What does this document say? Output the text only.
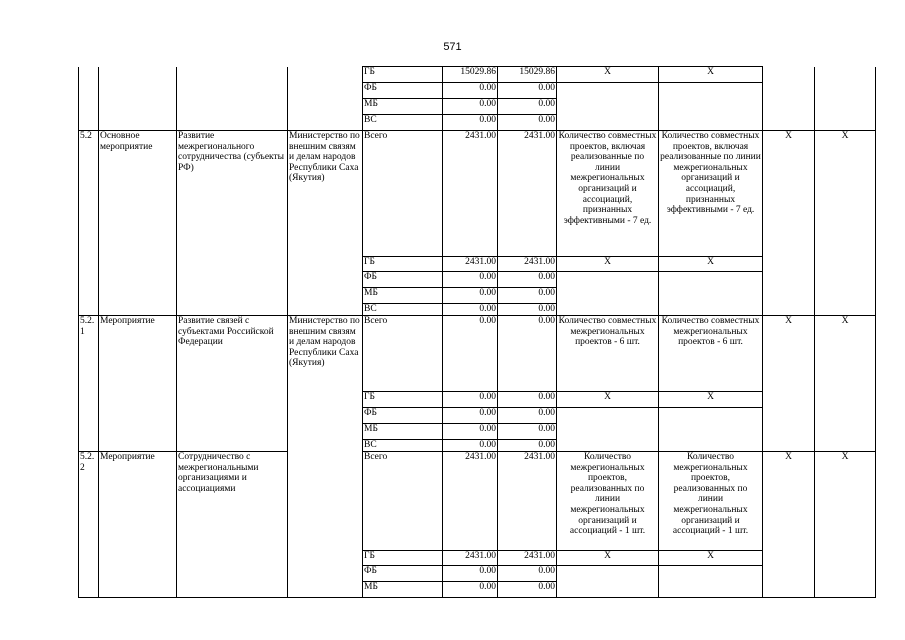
571
				ГБ	15029.86	15029.86	X	X		
				ФБ	0.00	0.00				
				МБ	0.00	0.00				
				ВС	0.00	0.00				
5.2	Основное мероприятие	Развитие межрегионального сотрудничества (субъекты РФ)	Министерство по внешним связям и делам народов Республики Саха (Якутия)	Всего	2431.00	2431.00	Количество совместных проектов, включая реализованные по линии межрегиональных организаций и ассоциаций, признанных эффективными - 7 ед.	Количество совместных проектов, включая реализованные по линии межрегиональных организаций и ассоциаций, признанных эффективными - 7 ед.	X	X
				ГБ	2431.00	2431.00	X	X		
				ФБ	0.00	0.00				
				МБ	0.00	0.00				
				ВС	0.00	0.00				
5.2.1	Мероприятие	Развитие связей с субъектами Российской Федерации	Министерство по внешним связям и делам народов Республики Саха (Якутия)	Всего	0.00	0.00	Количество совместных межрегиональных проектов - 6 шт.	Количество совместных межрегиональных проектов - 6 шт.	X	X
				ГБ	0.00	0.00	X	X		
				ФБ	0.00	0.00				
				МБ	0.00	0.00				
				ВС	0.00	0.00				
5.2.2	Мероприятие	Сотрудничество с межрегиональными организациями и ассоциациями		Всего	2431.00	2431.00	Количество межрегиональных проектов, реализованных по линии межрегиональных организаций и ассоциаций - 1 шт.	Количество межрегиональных проектов, реализованных по линии межрегиональных организаций и ассоциаций - 1 шт.	X	X
				ГБ	2431.00	2431.00	X	X		
				ФБ	0.00	0.00				
				МБ	0.00	0.00				
